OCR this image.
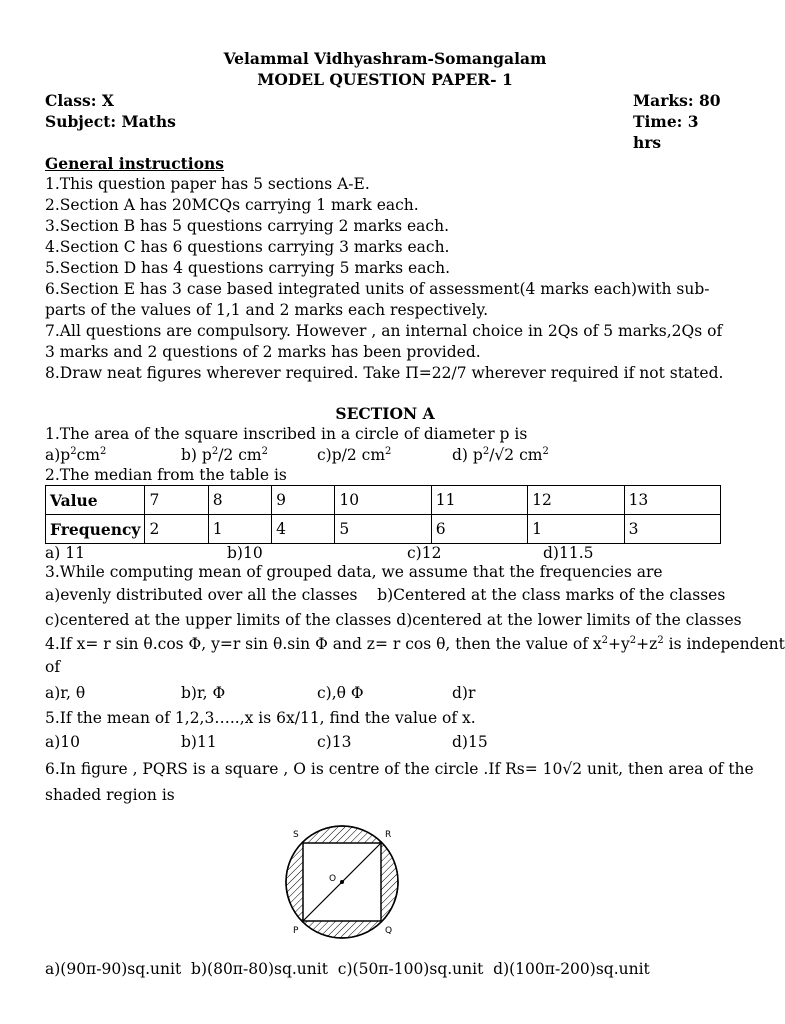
Velammal Vidhyashram-Somangalam
MODEL QUESTION PAPER- 1
Class: X	Marks: 80
Subject: Maths	Time: 3 hrs
General instructions
1.This question paper has 5 sections A-E.
2.Section A has 20MCQs carrying 1 mark each.
3.Section B has 5 questions carrying 2 marks each.
4.Section C has 6 questions carrying 3 marks each.
5.Section D has 4 questions carrying 5 marks each.
6.Section E has 3 case based integrated units of assessment(4 marks each)with sub-parts of the values of 1,1 and 2 marks each respectively.
7.All questions are compulsory. However , an internal choice in 2Qs of 5 marks,2Qs of 3 marks and 2 questions of 2 marks has been provided.
8.Draw neat figures wherever required. Take Π=22/7 wherever required if not stated.
SECTION A
1.The area of the square inscribed in a circle of diameter p is
$a)p^2cm^2$	b) $p^2/2$ $cm^2$	c)p/2 $cm^2$	d) $p^2/√2$ $cm^2$
2.The median from the table is
Value	7	8	9	10	11	12	13
Frequency	2	1	4	5	6	1	3
a) 11	b)10	c)12	d)11.5
3.While computing mean of grouped data, we assume that the frequencies are
a)evenly distributed over all the classes    b)Centered at the class marks of the classes
c)centered at the upper limits of the classes d)centered at the lower limits of the classes
4.If x= r sin θ.cos Φ, y=r sin θ.sin Φ and z= r cos θ, then the value of $x^2+y^2+z^2$ is independent
of
a)r, θ	b)r, Φ	c),θ Φ	d)r
5.If the mean of 1,2,3…..,x is 6x/11, find the value of x.
a)10	b)11	c)13	d)15
6.In figure , PQRS is a square , O is centre of the circle .If Rs= 10√2 unit, then area of the
shaded region is
S	R
P	Q
O
a)(90π-90)sq.unit  b)(80π-80)sq.unit  c)(50π-100)sq.unit  d)(100π-200)sq.unit
